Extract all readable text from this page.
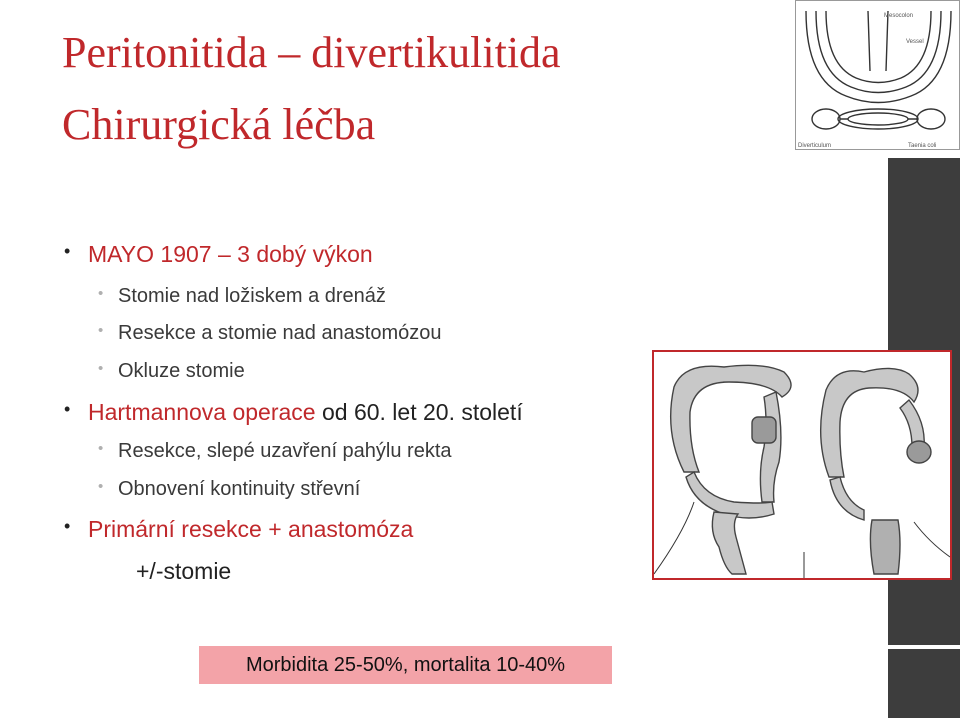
Peritonitida – divertikulitida
Chirurgická léčba
Mesocolon
Vessel
Diverticulum	Taenia coli
• MAYO 1907 – 3 dobý výkon
• Stomie nad ložiskem a drenáž
• Resekce a stomie nad anastomózou
• Okluze stomie
• Hartmannova operace od 60. let 20. století
• Resekce, slepé uzavření pahýlu rekta
• Obnovení kontinuity střevní
• Primární resekce + anastomóza
+/-stomie
Morbidita 25-50%, mortalita 10-40%
